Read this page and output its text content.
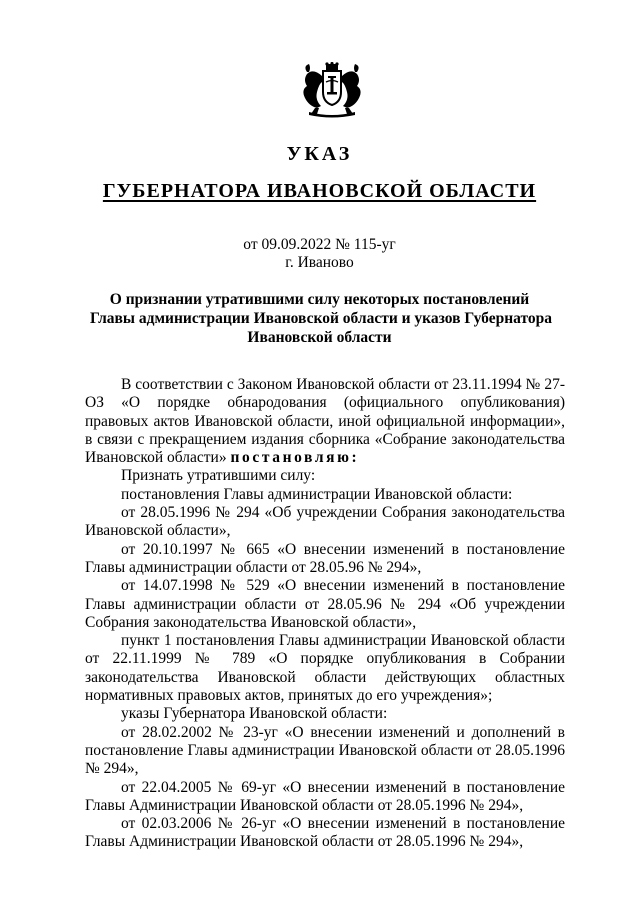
УКАЗ
ГУБЕРНАТОРА ИВАНОВСКОЙ ОБЛАСТИ
от 09.09.2022 № 115-уг
г. Иваново
О признании утратившими силу некоторых постановлений
Главы администрации Ивановской области и указов Губернатора
Ивановской области

В соответствии с Законом Ивановской области от 23.11.1994 № 27-ОЗ «О порядке обнародования (официального опубликования) правовых актов Ивановской области, иной официальной информации», в связи с прекращением издания сборника «Собрание законодательства Ивановской области» постановляю:

Признать утратившими силу:

постановления Главы администрации Ивановской области:

от 28.05.1996 № 294 «Об учреждении Собрания законодательства Ивановской области»,

от 20.10.1997 № 665 «О внесении изменений в постановление Главы администрации области от 28.05.96 № 294»,

от 14.07.1998 № 529 «О внесении изменений в постановление Главы администрации области от 28.05.96 № 294 «Об учреждении Собрания законодательства Ивановской области»,

пункт 1 постановления Главы администрации Ивановской области от 22.11.1999 № 789 «О порядке опубликования в Собрании законодательства Ивановской области действующих областных нормативных правовых актов, принятых до его учреждения»;

указы Губернатора Ивановской области:

от 28.02.2002 № 23-уг «О внесении изменений и дополнений в постановление Главы администрации Ивановской области от 28.05.1996 № 294»,

от 22.04.2005 № 69-уг «О внесении изменений в постановление Главы Администрации Ивановской области от 28.05.1996 № 294»,

от 02.03.2006 № 26-уг «О внесении изменений в постановление Главы Администрации Ивановской области от 28.05.1996 № 294»,
